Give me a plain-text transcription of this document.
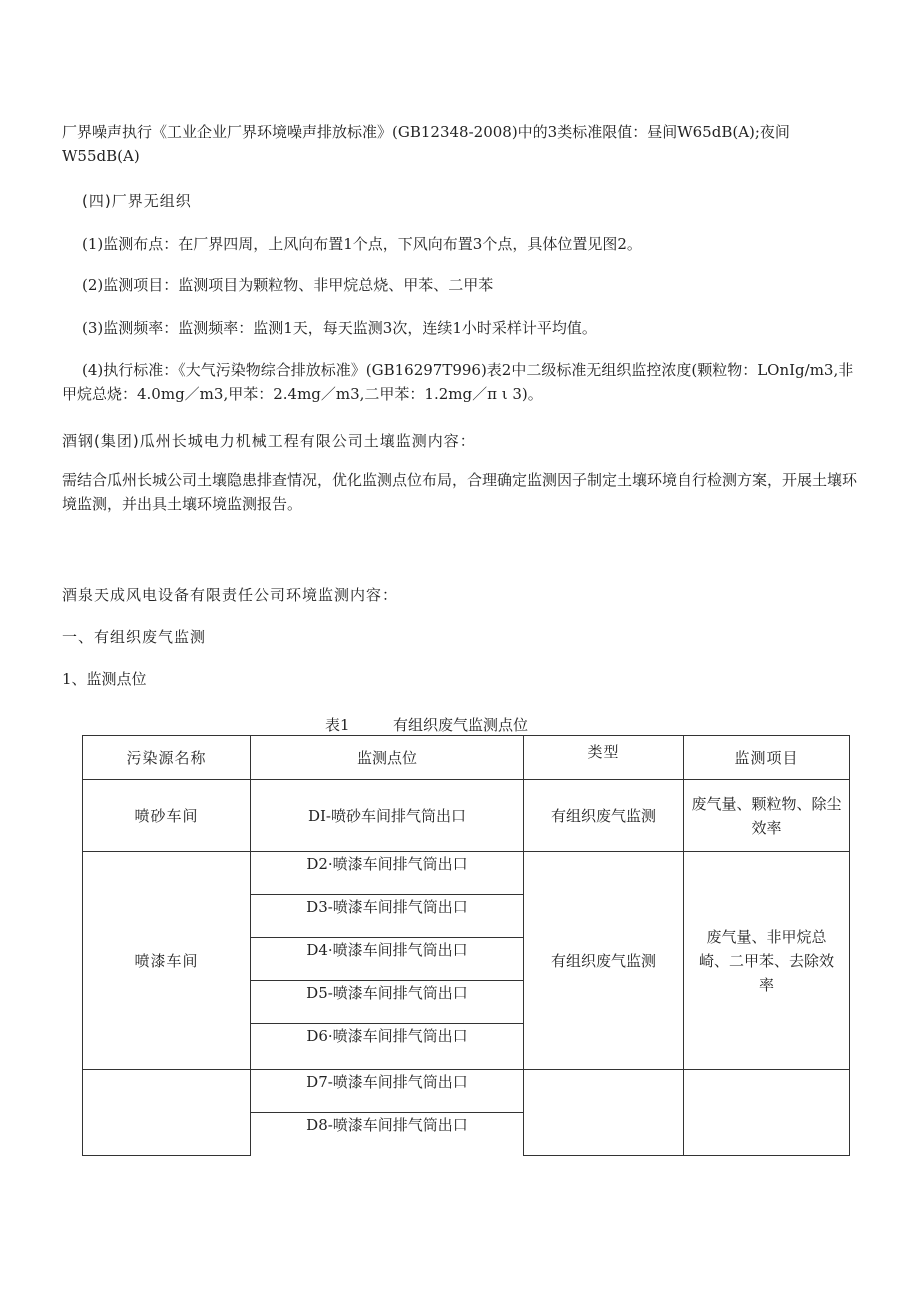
厂界噪声执行《工业企业厂界环境噪声排放标准》(GB12348-2008)中的3类标准限值：昼间W65dB(A);夜间W55dB(A)

(四)厂界无组织

(1)监测布点：在厂界四周，上风向布置1个点，下风向布置3个点，具体位置见图2。

(2)监测项目：监测项目为颗粒物、非甲烷总烧、甲苯、二甲苯

(3)监测频率：监测频率：监测1天，每天监测3次，连续1小时采样计平均值。

(4)执行标准：《大气污染物综合排放标准》(GB16297T996)表2中二级标准无组织监控浓度(颗粒物：LOnIg/m3,非甲烷总烧：4.0mg／m3,甲苯：2.4mg／m3,二甲苯：1.2mg／π ι 3)。

酒钢(集团)瓜州长城电力机械工程有限公司土壤监测内容：

需结合瓜州长城公司土壤隐患排查情况，优化监测点位布局，合理确定监测因子制定土壤环境自行检测方案，开展土壤环境监测，并出具土壤环境监测报告。

酒泉天成风电设备有限责任公司环境监测内容：

一、有组织废气监测

1、监测点位

表1	有组织废气监测点位
污染源名称	监测点位	类型	监测项目
喷砂车间	DI-喷砂车间排气筒出口	有组织废气监测	废气量、颗粒物、除尘效率
喷漆车间	D2·喷漆车间排气筒出口	有组织废气监测	废气量、非甲烷总崎、二甲苯、去除效率
	D3-喷漆车间排气筒出口		
	D4·喷漆车间排气筒出口		
	D5-喷漆车间排气筒出口		
	D6·喷漆车间排气筒出口		
	D7-喷漆车间排气筒出口		
	D8-喷漆车间排气筒出口		
